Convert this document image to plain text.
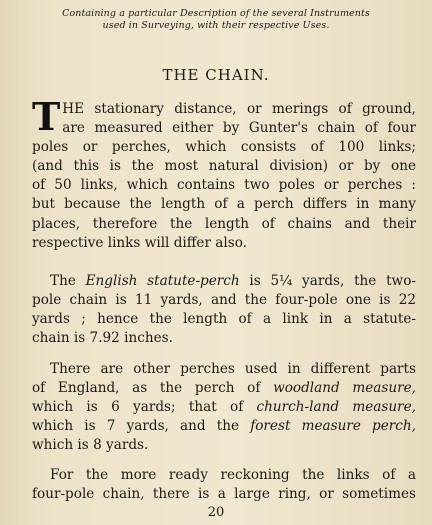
Containing a particular Description of the several Instruments
used in Surveying, with their respective Uses.
THE CHAIN.
T HE stationary distance, or merings of ground,
are measured either by Gunter's chain of four
poles or perches, which consists of 100 links;
(and this is the most natural division) or by one
of 50 links, which contains two poles or perches :
but because the length of a perch differs in many
places, therefore the length of chains and their
respective links will differ also.
The English statute-perch is 5¼ yards, the two-
pole chain is 11 yards, and the four-pole one is 22
yards ; hence the length of a link in a statute-
chain is 7.92 inches.
There are other perches used in different parts
of England, as the perch of woodland measure,
which is 6 yards; that of church-land measure,
which is 7 yards, and the forest measure perch,
which is 8 yards.
For the more ready reckoning the links of a
four-pole chain, there is a large ring, or sometimes
20
